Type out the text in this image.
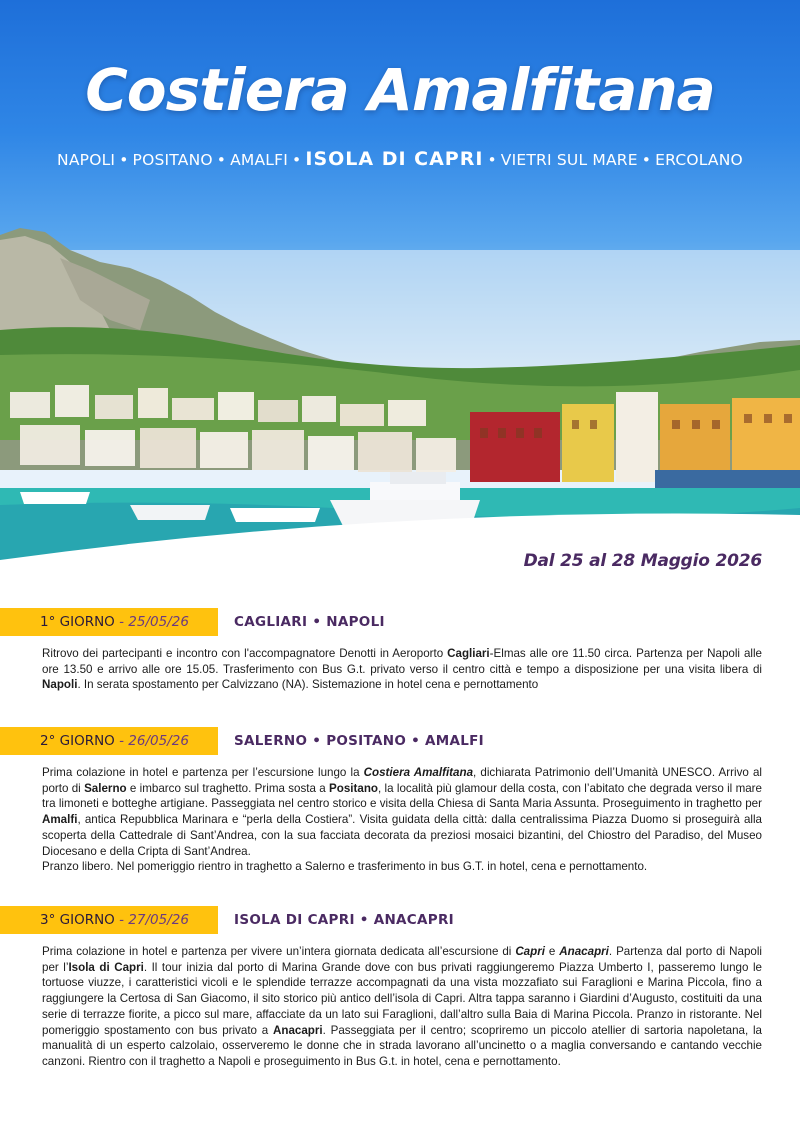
Costiera Amalfitana
NAPOLI • POSITANO • AMALFI • ISOLA DI CAPRI • VIETRI SUL MARE • ERCOLANO

Dal 25 al 28 Maggio 2026

1° GIORNO - 25/05/26	CAGLIARI • NAPOLI

Ritrovo dei partecipanti e incontro con l'accompagnatore Denotti in Aeroporto Cagliari-Elmas alle ore 11.50 circa. Partenza per Napoli alle ore 13.50 e arrivo alle ore 15.05. Trasferimento con Bus G.t. privato verso il centro città e tempo a disposizione per una visita libera di Napoli. In serata spostamento per Calvizzano (NA). Sistemazione in hotel cena e pernottamento

2° GIORNO - 26/05/26	SALERNO • POSITANO • AMALFI

Prima colazione in hotel e partenza per l’escursione lungo la Costiera Amalfitana, dichiarata Patrimonio dell’Umanità UNESCO. Arrivo al porto di Salerno e imbarco sul traghetto. Prima sosta a Positano, la località più glamour della costa, con l’abitato che degrada verso il mare tra limoneti e botteghe artigiane. Passeggiata nel centro storico e visita della Chiesa di Santa Maria Assunta. Proseguimento in traghetto per Amalfi, antica Repubblica Marinara e “perla della Costiera”. Visita guidata della città: dalla centralissima Piazza Duomo si proseguirà alla scoperta della Cattedrale di Sant’Andrea, con la sua facciata decorata da preziosi mosaici bizantini, del Chiostro del Paradiso, del Museo Diocesano e della Cripta di Sant’Andrea.

Pranzo libero. Nel pomeriggio rientro in traghetto a Salerno e trasferimento in bus G.T. in hotel, cena e pernottamento.

3° GIORNO - 27/05/26	ISOLA DI CAPRI • ANACAPRI

Prima colazione in hotel e partenza per vivere un’intera giornata dedicata all’escursione di Capri e Anacapri. Partenza dal porto di Napoli per l’Isola di Capri. Il tour inizia dal porto di Marina Grande dove con bus privati raggiungeremo Piazza Umberto I, passeremo lungo le tortuose viuzze, i caratteristici vicoli e le splendide terrazze accompagnati da una vista mozzafiato sui Faraglioni e Marina Piccola, fino a raggiungere la Certosa di San Giacomo, il sito storico più antico dell’isola di Capri. Altra tappa saranno i Giardini d’Augusto, costituiti da una serie di terrazze fiorite, a picco sul mare, affacciate da un lato sui Faraglioni, dall’altro sulla Baia di Marina Piccola. Pranzo in ristorante. Nel pomeriggio spostamento con bus privato a Anacapri. Passeggiata per il centro; scopriremo un piccolo atellier di sartoria napoletana, la manualità di un esperto calzolaio, osserveremo le donne che in strada lavorano all’uncinetto o a maglia conversando e cantando vecchie canzoni. Rientro con il traghetto a Napoli e proseguimento in Bus G.t. in hotel, cena e pernottamento.
